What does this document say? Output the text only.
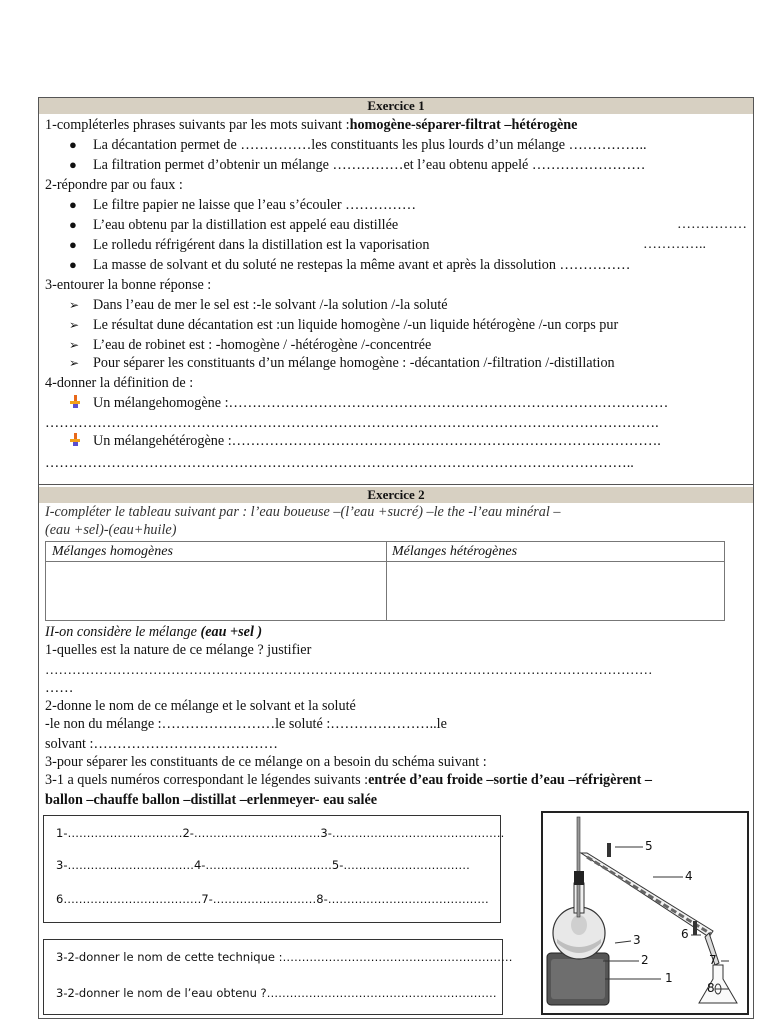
Exercice 1
1-compléterles phrases suivants par les mots suivant :homogène-séparer-filtrat –hétérogène
● La décantation permet de ……………les constituants les plus lourds d’un mélange ……………..
● La filtration permet d’obtenir un mélange ……………et l’eau obtenu appelé ……………………
2-répondre par ou faux :
● Le filtre papier ne laisse que l’eau s’écouler ……………
● L’eau obtenu par la distillation est appelé eau distillée	……………
● Le rolledu réfrigérent dans la distillation est la vaporisation	…………..
● La masse de solvant et du soluté ne restepas la même avant et après la dissolution ……………
3-entourer la bonne réponse :
➢ Dans l’eau de mer le sel est :-le solvant /-la solution /-la soluté
➢ Le résultat dune décantation est :un liquide homogène /-un liquide hétérogène /-un corps pur
➢ L’eau de robinet est : -homogène / -hétérogène /-concentrée
➢ Pour séparer les constituants d’un mélange homogène : -décantation /-filtration /-distillation
4-donner la définition de :
Un mélangehomogène :…………………………………………………………………………………
………………………………………………………………………………………………………………….
Un mélangehétérogène :……………………………………………………………………………….
……………………………………………………………………………………………………………..
Exercice 2
I-compléter le tableau suivant par : l’eau boueuse –(l’eau +sucré) –le the -l’eau minéral –
(eau +sel)-(eau+huile)
Mélanges homogènes	Mélanges hétérogènes
II-on considère le mélange (eau +sel )
1-quelles est la nature de ce mélange ? justifier
………………………………………………………………………………………………………………………
……
2-donne le nom de ce mélange et le solvant et la soluté
-le non du mélange :……………………le soluté :…………………..le
solvant :…………………………………
3-pour séparer les constituants de ce mélange on a besoin du schéma suivant :
3-1 a quels numéros correspondant le légendes suivants :entrée d’eau froide –sortie d’eau –réfrigèrent –
ballon –chauffe ballon –distillat –erlenmeyer- eau salée
1-…………………………2-……………………………3-………………………………………
3-……………………………4-……………………………5-……………………………
6………………………………7-………………………8-……………………………………
3-2-donner le nom de cette technique :……………………………………………………
3-2-donner le nom de l’eau obtenu ?……………………………………………………
1
2
3
4
5
6
7
8
